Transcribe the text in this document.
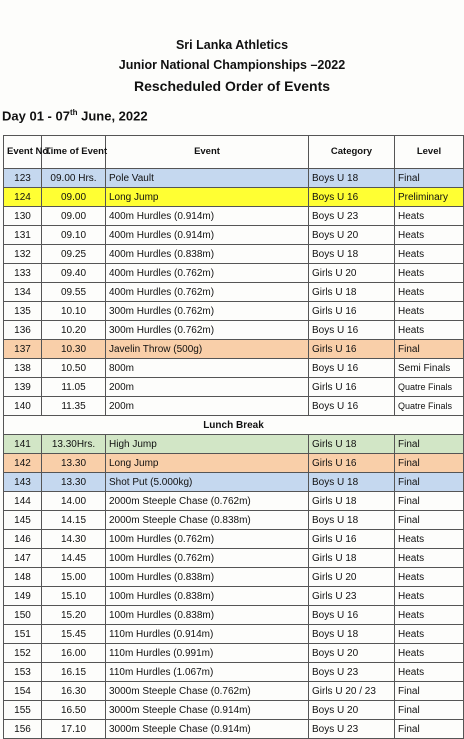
Sri Lanka Athletics
Junior National Championships –2022
Rescheduled Order of Events
Day 01 - 07th June, 2022
Event No.	Time of Event	Event	Category	Level
123	09.00 Hrs.	Pole Vault	Boys U 18	Final
124	09.00	Long Jump	Boys U 16	Preliminary
130	09.00	400m Hurdles (0.914m)	Boys U 23	Heats
131	09.10	400m Hurdles (0.914m)	Boys U 20	Heats
132	09.25	400m Hurdles (0.838m)	Boys U 18	Heats
133	09.40	400m Hurdles (0.762m)	Girls U 20	Heats
134	09.55	400m Hurdles (0.762m)	Girls U 18	Heats
135	10.10	300m Hurdles (0.762m)	Girls U 16	Heats
136	10.20	300m Hurdles (0.762m)	Boys U 16	Heats
137	10.30	Javelin Throw (500g)	Girls U 16	Final
138	10.50	800m	Boys U 16	Semi Finals
139	11.05	200m	Girls U 16	Quatre Finals
140	11.35	200m	Boys U 16	Quatre Finals
Lunch Break				
141	13.30Hrs.	High Jump	Girls U 18	Final
142	13.30	Long Jump	Girls U 16	Final
143	13.30	Shot Put (5.000kg)	Boys U 18	Final
144	14.00	2000m Steeple Chase (0.762m)	Girls U 18	Final
145	14.15	2000m Steeple Chase (0.838m)	Boys U 18	Final
146	14.30	100m Hurdles (0.762m)	Girls U 16	Heats
147	14.45	100m Hurdles (0.762m)	Girls U 18	Heats
148	15.00	100m Hurdles (0.838m)	Girls U 20	Heats
149	15.10	100m Hurdles (0.838m)	Girls U 23	Heats
150	15.20	100m Hurdles (0.838m)	Boys U 16	Heats
151	15.45	110m Hurdles (0.914m)	Boys U 18	Heats
152	16.00	110m Hurdles (0.991m)	Boys U 20	Heats
153	16.15	110m Hurdles (1.067m)	Boys U 23	Heats
154	16.30	3000m Steeple Chase (0.762m)	Girls U 20 / 23	Final
155	16.50	3000m Steeple Chase (0.914m)	Boys U 20	Final
156	17.10	3000m Steeple Chase (0.914m)	Boys U 23	Final
